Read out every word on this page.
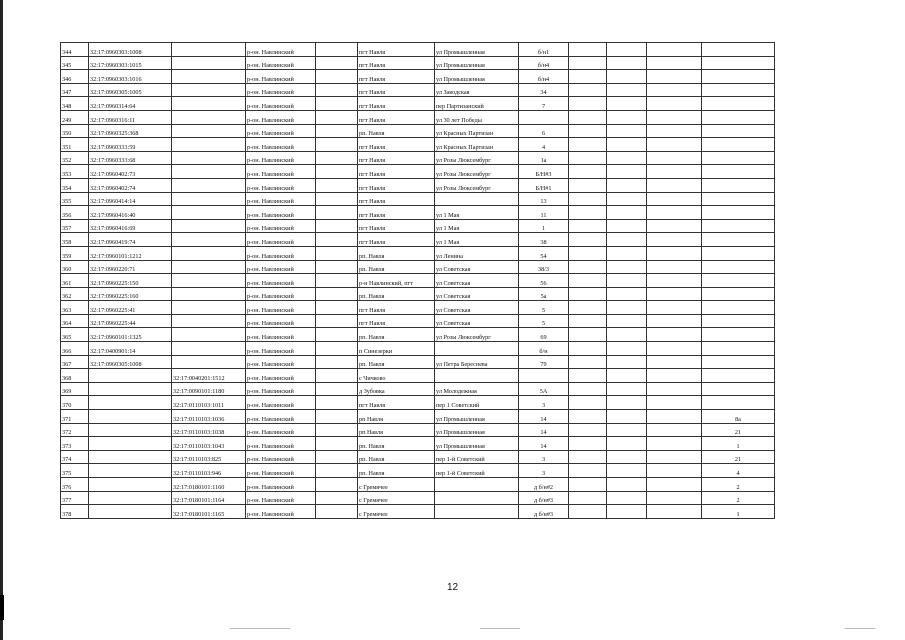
344	32:17:0960303:1008		р-он. Навлинский		пгт Навля	ул Промышленная	б/н1				
345	32:17:0960303:1015		р-он. Навлинский		пгт Навля	ул Промышленная	б/н4				
346	32:17:0960303:1016		р-он. Навлинский		пгт Навля	ул Промышленная	б/н4				
347	32:17:0960305:1005		р-он. Навлинский		пгт Навля	ул Заводская	34				
348	32:17:0960314:64		р-он. Навлинский		пгт Навля	пер Партизанский	7				
249	32:17:0960316:11		р-он. Навлинский		пгт Навля	ул 30 лет Победы					
350	32:17:0960325:368		р-он. Навлинский		рп. Навля	ул Красных Партизан	6				
351	32:17:0960333:59		р-он. Навлинский		пгт Навля	ул Красных Партизан	4				
352	32:17:0960333:68		р-он. Навлинский		пгт Навля	ул Розы Люксембург	1а				
353	32:17:0960402:73		р-он. Навлинский		пгт Навля	ул Розы Люксембург	Б/Н#3				
354	32:17:0960402:74		р-он. Навлинский		пгт Навля	ул Розы Люксембург	Б/Н#1				
355	32:17:0960414:14		р-он. Навлинский		пгт Навля		13				
356	32:17:0960416:40		р-он. Навлинский		пгт Навля	ул 1 Мая	11				
357	32:17:0960416:69		р-он. Навлинский		пгт Навля	ул 1 Мая	1				
358	32:17:0960419:74		р-он. Навлинский		пгт Навля	ул 1 Мая	38				
359	32:17:0960101:1212		р-он. Навлинский		рп. Навля	ул Ленина	54				
360	32:17:0960220:71		р-он. Навлинский		рп. Навля	ул Советская	38/3				
361	32:17:0960225:150		р-он. Навлинский		р-н Навлинский, пгт	ул Советская	56				
362	32:17:0960225:160		р-он. Навлинский		рп. Навля	ул Советская	5а				
363	32:17:0960225:41		р-он. Навлинский		пгт Навля	ул Советская	5				
364	32:17:0960225:44		р-он. Навлинский		пгт Навля	ул Советская	5				
365	32:17:0960101:1325		р-он. Навлинский		рп. Навля	ул Розы Люксембург	69				
366	32:17:0400901:14		р-он. Навлинский		п Синезерки		б/н				
367	32:17:0960305:1008		р-он. Навлинский		рп. Навля	ул Петра Береснева	79				
368		32:17:0040201:1512	р-он. Навлинский		с Чичково						
369		32:17:0090101:1180	р-он. Навлинский		д Зубовка	ул Молодежная	5А				
370		32:17:0110103:1011	р-он. Навлинский		пгт Навля	пер 1 Советский	3				
371		32:17:0110103:1036	р-он. Навлинский		рп Навля	ул Промышленная	14				8а
372		32:17:0110103:1038	р-он. Навлинский		рп Навля	ул Промышленная	14				21
373		32:17:0110103:1043	р-он. Навлинский		рп. Навля	ул Промышленная	14				1
374		32:17:0110103:825	р-он. Навлинский		рп. Навля	пер 1-й Советский	3				21
375		32:17:0110103:946	р-он. Навлинский		рп. Навля	пер 1-й Советский	3				4
376		32:17:0180101:1160	р-он. Навлинский		с Гремячее		д б/н#2				2
377		32:17:0180101:1164	р-он. Навлинский		с Гремячее		д б/н#3				2
378		32:17:0180101:1165	р-он. Навлинский		с Гремячее		д б/н#3				1
12
